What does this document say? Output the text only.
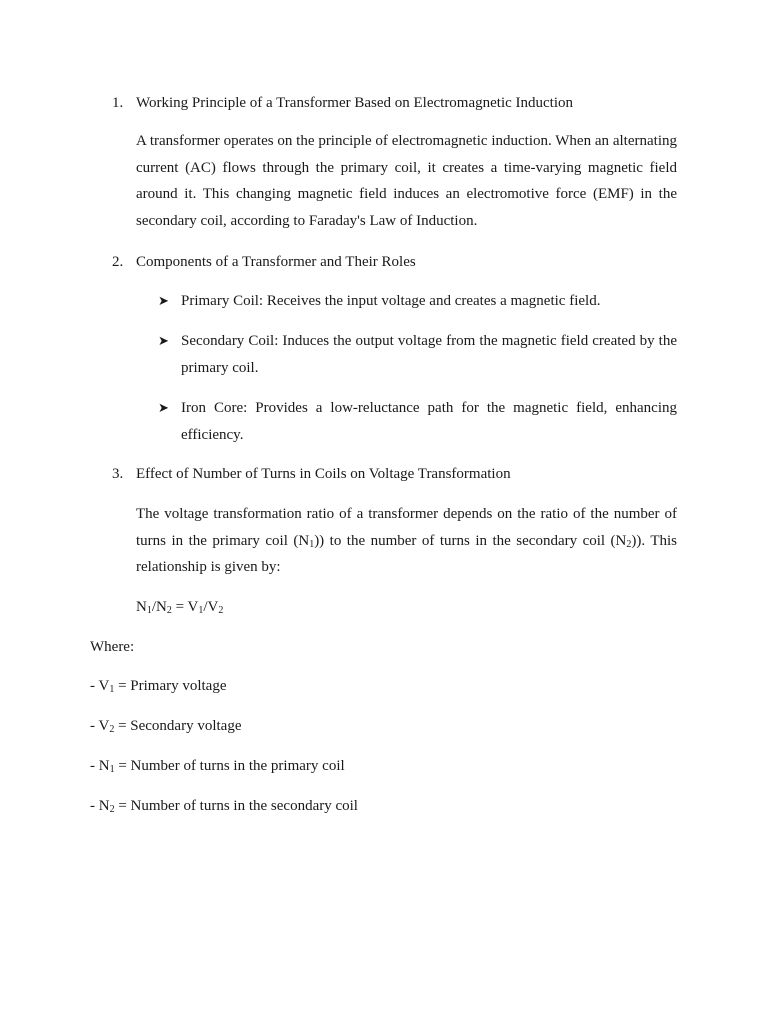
1. Working Principle of a Transformer Based on Electromagnetic Induction
A transformer operates on the principle of electromagnetic induction. When an alternating current (AC) flows through the primary coil, it creates a time-varying magnetic field around it. This changing magnetic field induces an electromotive force (EMF) in the secondary coil, according to Faraday's Law of Induction.
2. Components of a Transformer and Their Roles
➤ Primary Coil: Receives the input voltage and creates a magnetic field.
➤ Secondary Coil: Induces the output voltage from the magnetic field created by the primary coil.
➤ Iron Core: Provides a low-reluctance path for the magnetic field, enhancing efficiency.
3. Effect of Number of Turns in Coils on Voltage Transformation
The voltage transformation ratio of a transformer depends on the ratio of the number of turns in the primary coil $(N_1)$) to the number of turns in the secondary coil $(N_2)$). This relationship is given by:
$N_1/N_2 = V_1/V_2$
Where:
- $V_1$ = Primary voltage
- $V_2$ = Secondary voltage
- $N_1$ = Number of turns in the primary coil
- $N_2$ = Number of turns in the secondary coil
